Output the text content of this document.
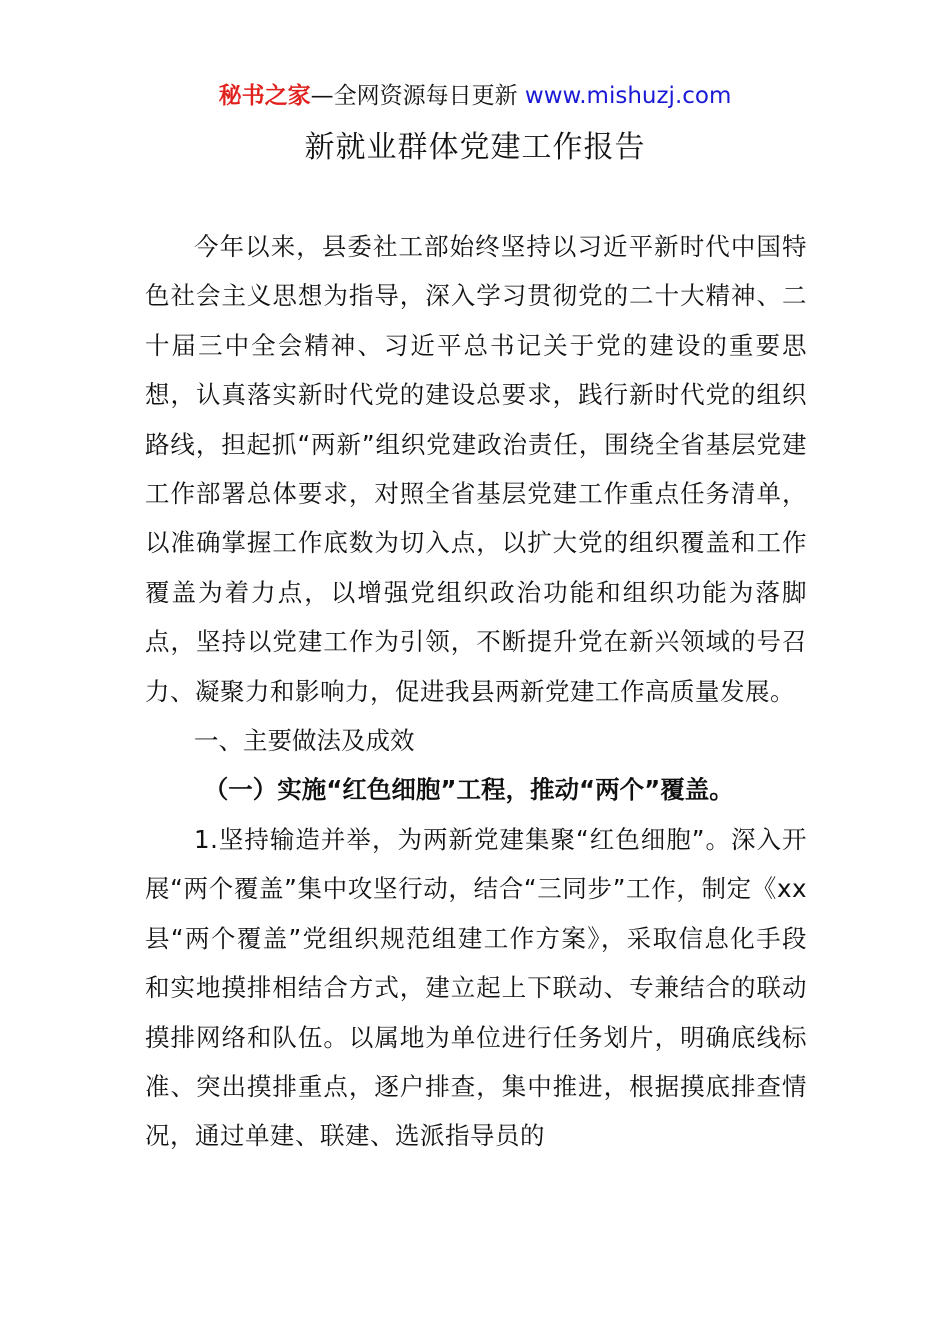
秘书之家—全网资源每日更新 www.mishuzj.com
新就业群体党建工作报告

今年以来，县委社工部始终坚持以习近平新时代中国特色社会主义思想为指导，深入学习贯彻党的二十大精神、二十届三中全会精神、习近平总书记关于党的建设的重要思想，认真落实新时代党的建设总要求，践行新时代党的组织路线，担起抓“两新”组织党建政治责任，围绕全省基层党建工作部署总体要求，对照全省基层党建工作重点任务清单，以准确掌握工作底数为切入点，以扩大党的组织覆盖和工作覆盖为着力点，以增强党组织政治功能和组织功能为落脚点，坚持以党建工作为引领，不断提升党在新兴领域的号召力、凝聚力和影响力，促进我县两新党建工作高质量发展。

一、主要做法及成效

（一）实施“红色细胞”工程，推动“两个”覆盖。

1.坚持输造并举，为两新党建集聚“红色细胞”。深入开展“两个覆盖”集中攻坚行动，结合“三同步”工作，制定《xx县“两个覆盖”党组织规范组建工作方案》，采取信息化手段和实地摸排相结合方式，建立起上下联动、专兼结合的联动摸排网络和队伍。以属地为单位进行任务划片，明确底线标准、突出摸排重点，逐户排查，集中推进，根据摸底排查情况，通过单建、联建、选派指导员的
